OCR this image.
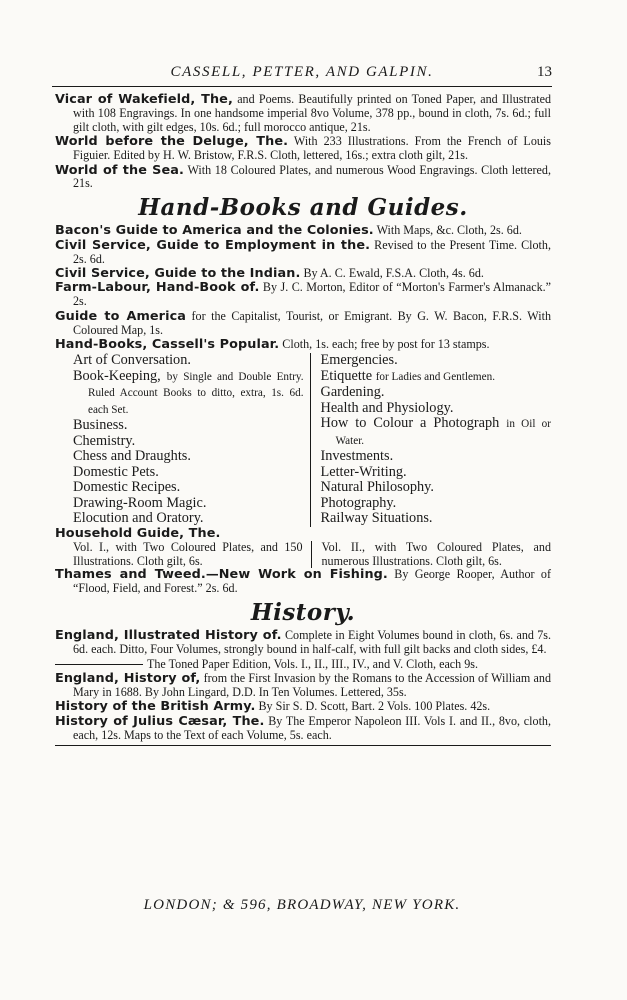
CASSELL, PETTER, AND GALPIN.	13
Vicar of Wakefield, The, and Poems. Beautifully printed on Toned Paper, and Illustrated with 108 Engravings. In one handsome imperial 8vo Volume, 378 pp., bound in cloth, 7s. 6d.; full gilt cloth, with gilt edges, 10s. 6d.; full morocco antique, 21s.
World before the Deluge, The. With 233 Illustrations. From the French of Louis Figuier. Edited by H. W. Bristow, F.R.S. Cloth, lettered, 16s.; extra cloth gilt, 21s.
World of the Sea. With 18 Coloured Plates, and numerous Wood Engravings. Cloth lettered, 21s.
Hand-Books and Guides.
Bacon's Guide to America and the Colonies. With Maps, &c. Cloth, 2s. 6d.
Civil Service, Guide to Employment in the. Revised to the Present Time. Cloth, 2s. 6d.
Civil Service, Guide to the Indian. By A. C. Ewald, F.S.A. Cloth, 4s. 6d.
Farm-Labour, Hand-Book of. By J. C. Morton, Editor of “Morton's Farmer's Almanack.” 2s.
Guide to America for the Capitalist, Tourist, or Emigrant. By G. W. Bacon, F.R.S. With Coloured Map, 1s.
Hand-Books, Cassell's Popular. Cloth, 1s. each; free by post for 13 stamps.
Art of Conversation.
Book-Keeping, by Single and Double Entry. Ruled Account Books to ditto, extra, 1s. 6d. each Set.
Business.
Chemistry.
Chess and Draughts.
Domestic Pets.
Domestic Recipes.
Drawing-Room Magic.
Elocution and Oratory.
Emergencies.
Etiquette for Ladies and Gentlemen.
Gardening.
Health and Physiology.
How to Colour a Photograph in Oil or Water.
Investments.
Letter-Writing.
Natural Philosophy.
Photography.
Railway Situations.
Household Guide, The.
Vol. I., with Two Coloured Plates, and 150 Illustrations. Cloth gilt, 6s.
Vol. II., with Two Coloured Plates, and numerous Illustrations. Cloth gilt, 6s.
Thames and Tweed.—New Work on Fishing. By George Rooper, Author of “Flood, Field, and Forest.” 2s. 6d.
History.
England, Illustrated History of. Complete in Eight Volumes bound in cloth, 6s. and 7s. 6d. each. Ditto, Four Volumes, strongly bound in half-calf, with full gilt backs and cloth sides, £4.
The Toned Paper Edition, Vols. I., II., III., IV., and V. Cloth, each 9s.
England, History of, from the First Invasion by the Romans to the Accession of William and Mary in 1688. By John Lingard, D.D. In Ten Volumes. Lettered, 35s.
History of the British Army. By Sir S. D. Scott, Bart. 2 Vols. 100 Plates. 42s.
History of Julius Cæsar, The. By The Emperor Napoleon III. Vols I. and II., 8vo, cloth, each, 12s. Maps to the Text of each Volume, 5s. each.
LONDON; & 596, BROADWAY, NEW YORK.
